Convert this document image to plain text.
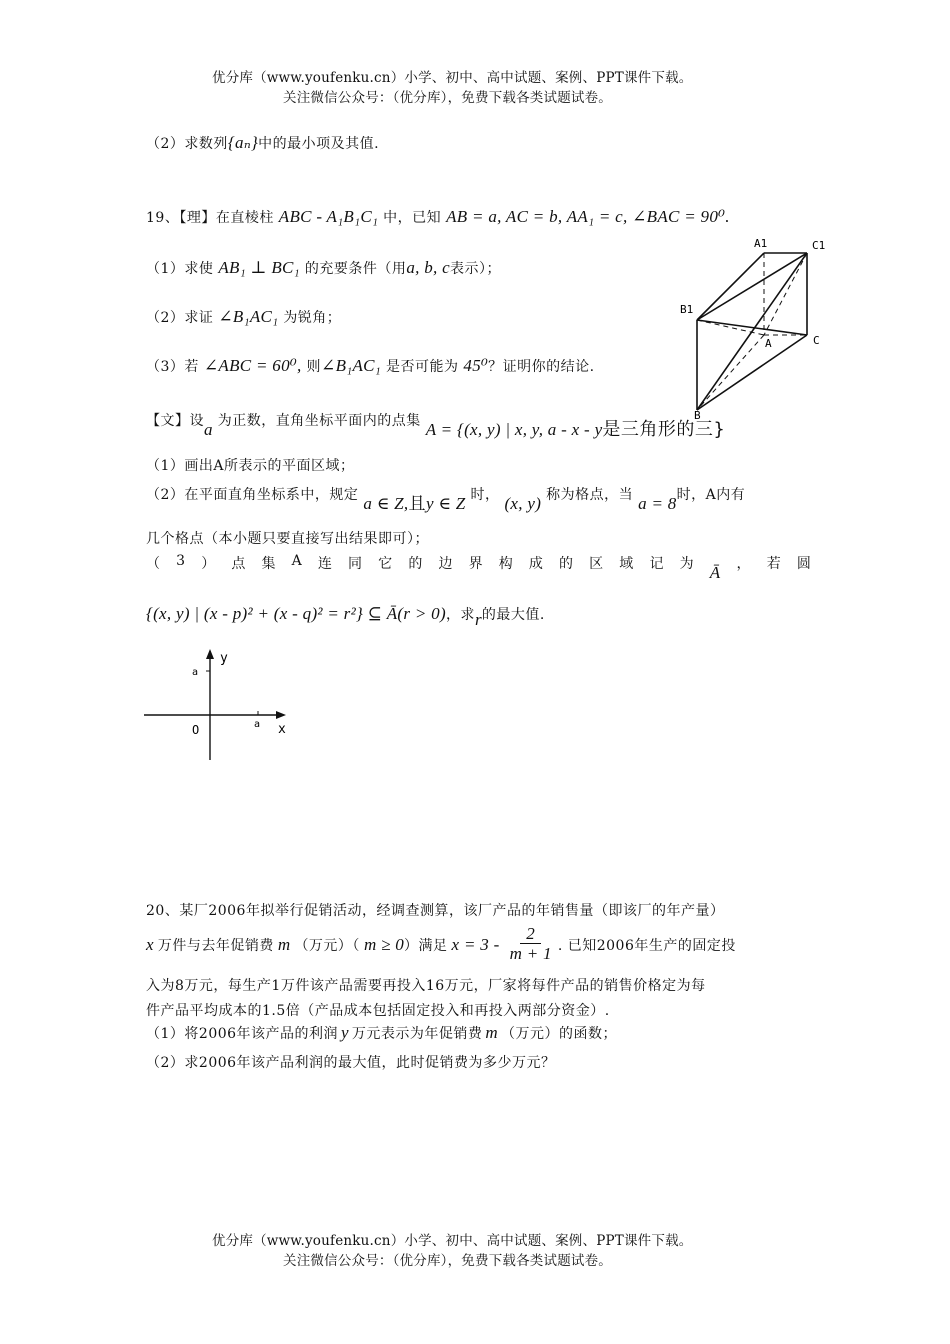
优分库（www.youfenku.cn）小学、初中、高中试题、案例、PPT课件下载。
关注微信公众号：（优分库），免费下载各类试题试卷。
（2）求数列{aₙ}中的最小项及其值.
19、【理】在直棱柱 ABC - A₁B₁C₁ 中，已知 AB = a, AC = b, AA₁ = c, ∠BAC = 90⁰.
（1）求使 AB₁ ⊥ BC₁ 的充要条件（用a, b, c表示）；
（2）求证 ∠B₁AC₁ 为锐角；
（3）若 ∠ABC = 60⁰, 则∠B₁AC₁ 是否可能为 45⁰？证明你的结论.
A1	C1
B1
A	C
B
【文】设a 为正数，直角坐标平面内的点集 A = {(x, y) | x, y, a - x - y是三角形的三}
（1）画出A所表示的平面区域；
（2）在平面直角坐标系中，规定 a ∈ Z,且y ∈ Z 时， (x, y) 称为格点，当 a = 8时，A内有
几个格点（本小题只要直接写出结果即可）；
（ 3 ） 点 集 A 连 同 它 的 边 界 构 成 的 区 域 记 为 Ā ， 若 圆
{(x, y) | (x - p)² + (x - q)² = r²} ⊆ Ā(r > 0)，求r的最大值.
y
a
O	a x
20、某厂2006年拟举行促销活动，经调查测算，该厂产品的年销售量（即该厂的年产量）
x 万件与去年促销费 m （万元）（ m ≥ 0 ）满足 $x = 3 - \frac{2}{m + 1}$ . 已知2006年生产的固定投
入为8万元，每生产1万件该产品需要再投入16万元，厂家将每件产品的销售价格定为每
件产品平均成本的1.5倍（产品成本包括固定投入和再投入两部分资金）.
（1）将2006年该产品的利润 y 万元表示为年促销费 m （万元）的函数；
（2）求2006年该产品利润的最大值，此时促销费为多少万元？
优分库（www.youfenku.cn）小学、初中、高中试题、案例、PPT课件下载。
关注微信公众号：（优分库），免费下载各类试题试卷。
